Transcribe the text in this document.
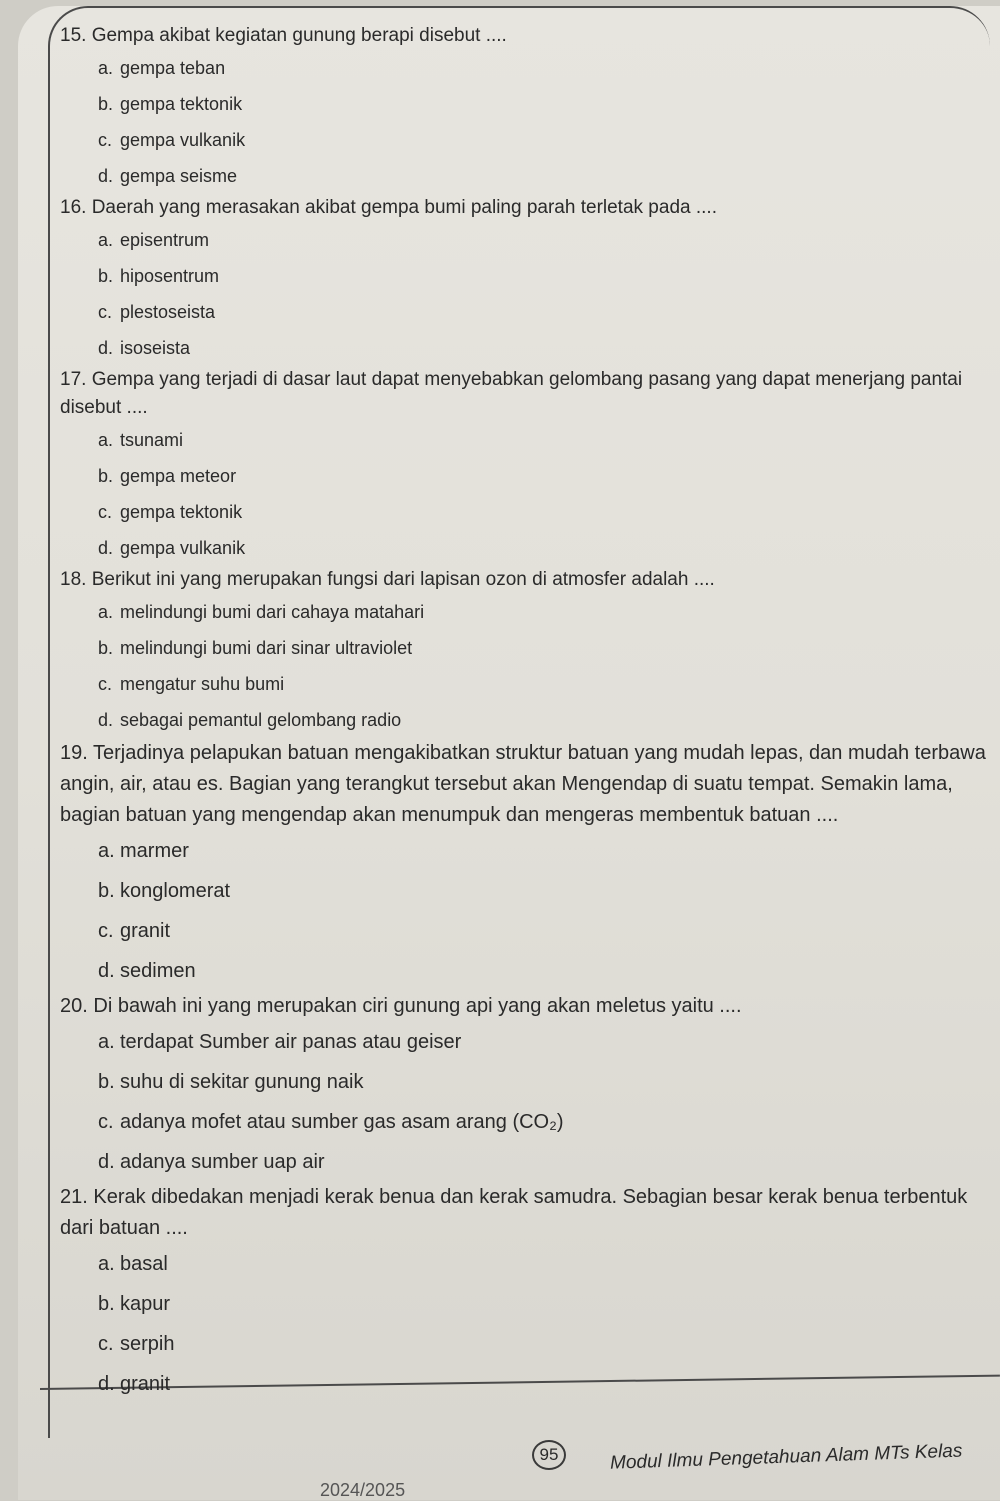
15. Gempa akibat kegiatan gunung berapi disebut ....

a. gempa teban
b. gempa tektonik
c. gempa vulkanik
d. gempa seisme

16. Daerah yang merasakan akibat gempa bumi paling parah terletak pada ....

a. episentrum
b. hiposentrum
c. plestoseista
d. isoseista

17. Gempa yang terjadi di dasar laut dapat menyebabkan gelombang pasang yang dapat menerjang pantai disebut ....

a. tsunami
b. gempa meteor
c. gempa tektonik
d. gempa vulkanik

18. Berikut ini yang merupakan fungsi dari lapisan ozon di atmosfer adalah ....

a. melindungi bumi dari cahaya matahari
b. melindungi bumi dari sinar ultraviolet
c. mengatur suhu bumi
d. sebagai pemantul gelombang radio

19. Terjadinya pelapukan batuan mengakibatkan struktur batuan yang mudah lepas, dan mudah terbawa angin, air, atau es. Bagian yang terangkut tersebut akan Mengendap di suatu tempat. Semakin lama, bagian batuan yang mengendap akan menumpuk dan mengeras membentuk batuan ....

a. marmer
b. konglomerat
c. granit
d. sedimen

20. Di bawah ini yang merupakan ciri gunung api yang akan meletus yaitu ....

a. terdapat Sumber air panas atau geiser
b. suhu di sekitar gunung naik
c. adanya mofet atau sumber gas asam arang (CO₂)
d. adanya sumber uap air

21. Kerak dibedakan menjadi kerak benua dan kerak samudra. Sebagian besar kerak benua terbentuk dari batuan ....

a. basal
b. kapur
c. serpih
d. granit
95	Modul Ilmu Pengetahuan Alam MTs Kelas
2024/2025
